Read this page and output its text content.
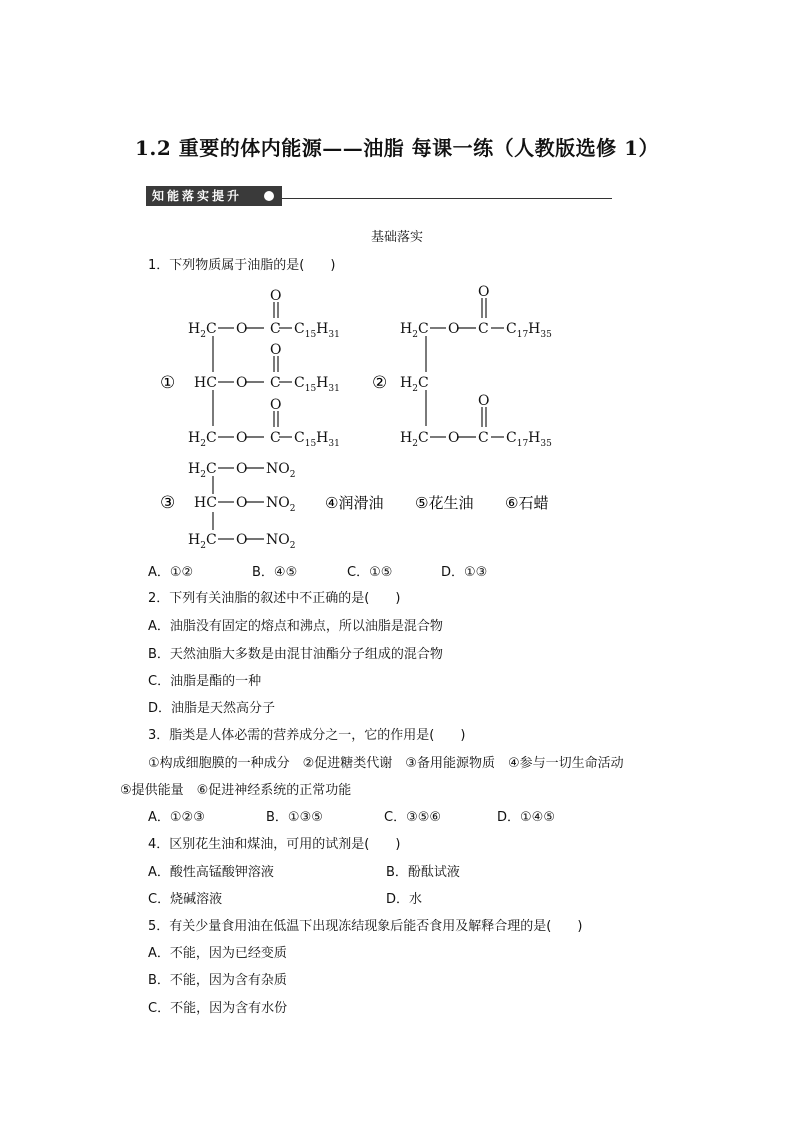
1.2 重要的体内能源——油脂 每课一练（人教版选修 1）
知能落实提升
基础落实
1．下列物质属于油脂的是(　　)
①	②
③
O
$H_2C$ O C $C_{15}H_{31}$
O
HC O C $C_{15}H_{31}$
O
$H_2C$ O C $C_{15}H_{31}$
O
$H_2C$ O C $C_{17}H_{35}$
$H_2C$
O
$H_2C$ O C $C_{17}H_{35}$
$H_2C$ O $NO_2$
HC O $NO_2$
$H_2C$ O $NO_2$
④润滑油 ⑤花生油 ⑥石蜡
A．①②	B．④⑤	C．①⑤	D．①③
2．下列有关油脂的叙述中不正确的是(　　)
A．油脂没有固定的熔点和沸点，所以油脂是混合物
B．天然油脂大多数是由混甘油酯分子组成的混合物
C．油脂是酯的一种
D．油脂是天然高分子
3．脂类是人体必需的营养成分之一，它的作用是(　　)
①构成细胞膜的一种成分　②促进糖类代谢　③备用能源物质　④参与一切生命活动
⑤提供能量　⑥促进神经系统的正常功能
A．①②③	B．①③⑤	C．③⑤⑥	D．①④⑤
4．区别花生油和煤油，可用的试剂是(　　)
A．酸性高锰酸钾溶液	B．酚酞试液
C．烧碱溶液	D．水
5．有关少量食用油在低温下出现冻结现象后能否食用及解释合理的是(　　)
A．不能，因为已经变质
B．不能，因为含有杂质
C．不能，因为含有水份
